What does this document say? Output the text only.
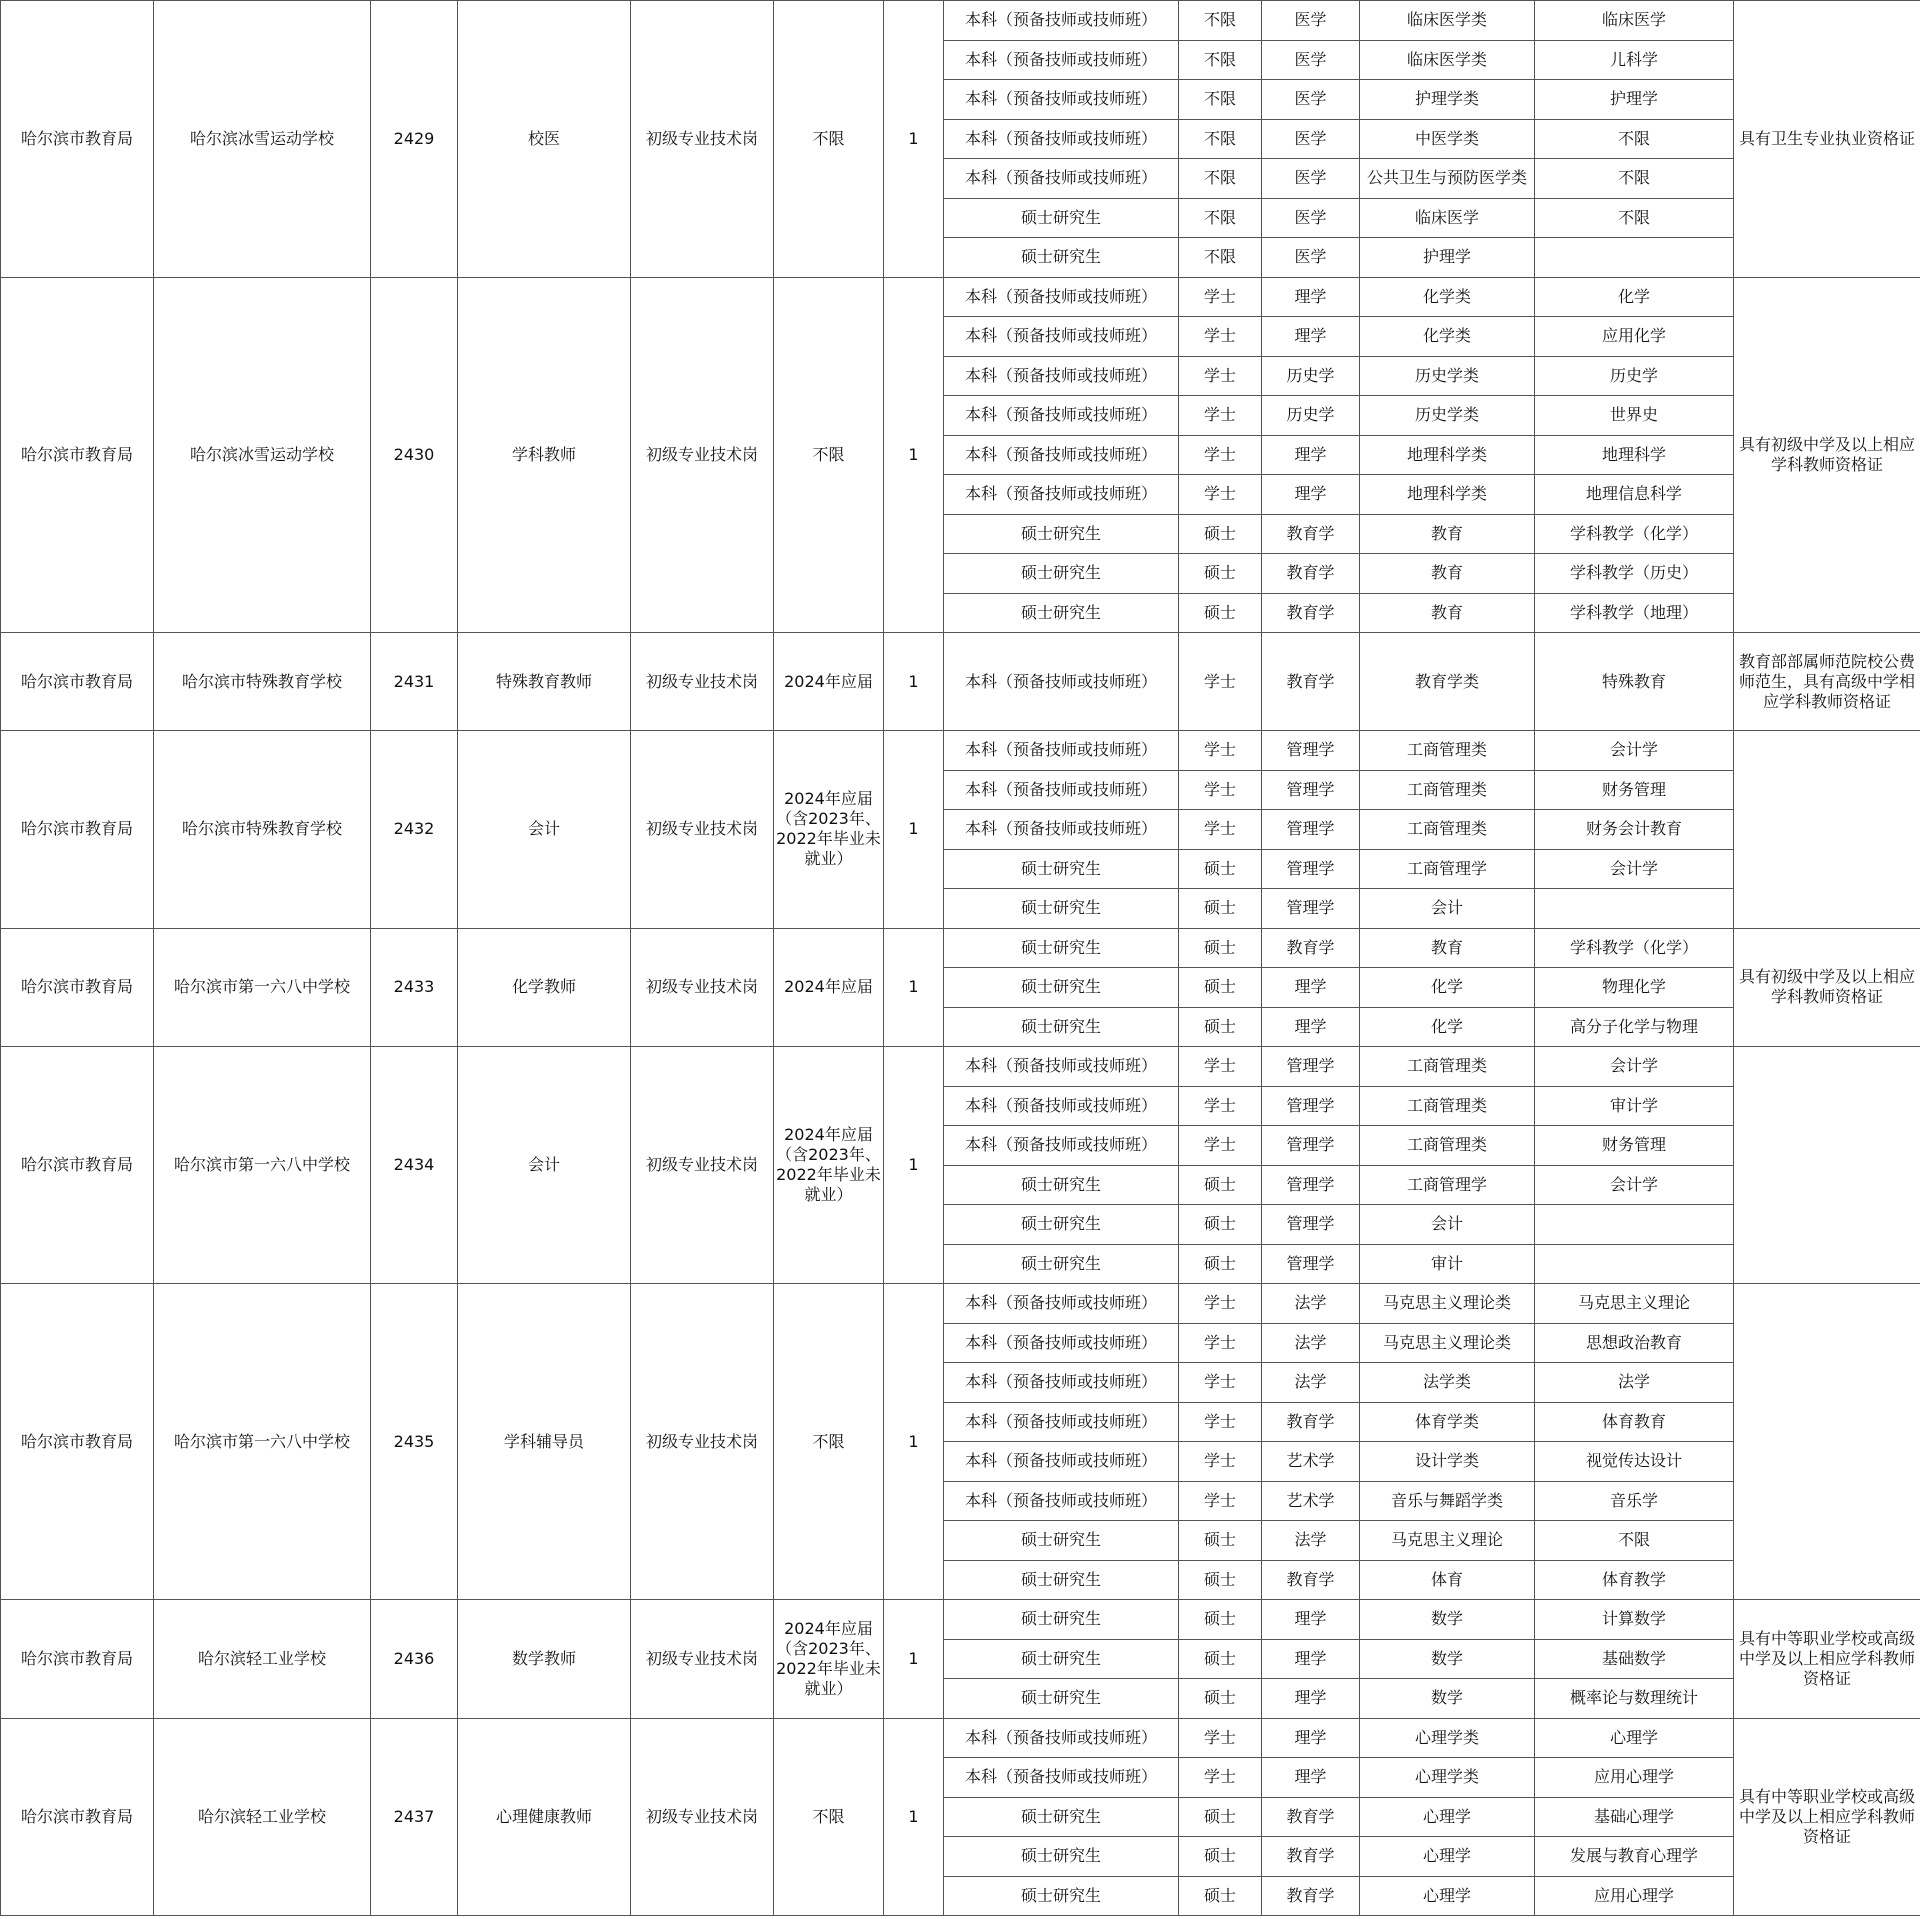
哈尔滨市教育局	哈尔滨冰雪运动学校	2429	校医	初级专业技术岗	不限	1	本科（预备技师或技师班）	不限	医学	临床医学类	临床医学	具有卫生专业执业资格证
							本科（预备技师或技师班）	不限	医学	临床医学类	儿科学	
							本科（预备技师或技师班）	不限	医学	护理学类	护理学	
							本科（预备技师或技师班）	不限	医学	中医学类	不限	
							本科（预备技师或技师班）	不限	医学	公共卫生与预防医学类	不限	
							硕士研究生	不限	医学	临床医学	不限	
							硕士研究生	不限	医学	护理学		
哈尔滨市教育局	哈尔滨冰雪运动学校	2430	学科教师	初级专业技术岗	不限	1	本科（预备技师或技师班）	学士	理学	化学类	化学	具有初级中学及以上相应学科教师资格证
							本科（预备技师或技师班）	学士	理学	化学类	应用化学	
							本科（预备技师或技师班）	学士	历史学	历史学类	历史学	
							本科（预备技师或技师班）	学士	历史学	历史学类	世界史	
							本科（预备技师或技师班）	学士	理学	地理科学类	地理科学	
							本科（预备技师或技师班）	学士	理学	地理科学类	地理信息科学	
							硕士研究生	硕士	教育学	教育	学科教学（化学）	
							硕士研究生	硕士	教育学	教育	学科教学（历史）	
							硕士研究生	硕士	教育学	教育	学科教学（地理）	
哈尔滨市教育局	哈尔滨市特殊教育学校	2431	特殊教育教师	初级专业技术岗	2024年应届	1	本科（预备技师或技师班）	学士	教育学	教育学类	特殊教育	教育部部属师范院校公费师范生，具有高级中学相应学科教师资格证
哈尔滨市教育局	哈尔滨市特殊教育学校	2432	会计	初级专业技术岗	2024年应届（含2023年、2022年毕业未就业）	1	本科（预备技师或技师班）	学士	管理学	工商管理类	会计学	
							本科（预备技师或技师班）	学士	管理学	工商管理类	财务管理	
							本科（预备技师或技师班）	学士	管理学	工商管理类	财务会计教育	
							硕士研究生	硕士	管理学	工商管理学	会计学	
							硕士研究生	硕士	管理学	会计		
哈尔滨市教育局	哈尔滨市第一六八中学校	2433	化学教师	初级专业技术岗	2024年应届	1	硕士研究生	硕士	教育学	教育	学科教学（化学）	具有初级中学及以上相应学科教师资格证
							硕士研究生	硕士	理学	化学	物理化学	
							硕士研究生	硕士	理学	化学	高分子化学与物理	
哈尔滨市教育局	哈尔滨市第一六八中学校	2434	会计	初级专业技术岗	2024年应届（含2023年、2022年毕业未就业）	1	本科（预备技师或技师班）	学士	管理学	工商管理类	会计学	
							本科（预备技师或技师班）	学士	管理学	工商管理类	审计学	
							本科（预备技师或技师班）	学士	管理学	工商管理类	财务管理	
							硕士研究生	硕士	管理学	工商管理学	会计学	
							硕士研究生	硕士	管理学	会计		
							硕士研究生	硕士	管理学	审计		
哈尔滨市教育局	哈尔滨市第一六八中学校	2435	学科辅导员	初级专业技术岗	不限	1	本科（预备技师或技师班）	学士	法学	马克思主义理论类	马克思主义理论	
							本科（预备技师或技师班）	学士	法学	马克思主义理论类	思想政治教育	
							本科（预备技师或技师班）	学士	法学	法学类	法学	
							本科（预备技师或技师班）	学士	教育学	体育学类	体育教育	
							本科（预备技师或技师班）	学士	艺术学	设计学类	视觉传达设计	
							本科（预备技师或技师班）	学士	艺术学	音乐与舞蹈学类	音乐学	
							硕士研究生	硕士	法学	马克思主义理论	不限	
							硕士研究生	硕士	教育学	体育	体育教学	
哈尔滨市教育局	哈尔滨轻工业学校	2436	数学教师	初级专业技术岗	2024年应届（含2023年、2022年毕业未就业）	1	硕士研究生	硕士	理学	数学	计算数学	具有中等职业学校或高级中学及以上相应学科教师资格证
							硕士研究生	硕士	理学	数学	基础数学	
							硕士研究生	硕士	理学	数学	概率论与数理统计	
哈尔滨市教育局	哈尔滨轻工业学校	2437	心理健康教师	初级专业技术岗	不限	1	本科（预备技师或技师班）	学士	理学	心理学类	心理学	具有中等职业学校或高级中学及以上相应学科教师资格证
							本科（预备技师或技师班）	学士	理学	心理学类	应用心理学	
							硕士研究生	硕士	教育学	心理学	基础心理学	
							硕士研究生	硕士	教育学	心理学	发展与教育心理学	
							硕士研究生	硕士	教育学	心理学	应用心理学	
